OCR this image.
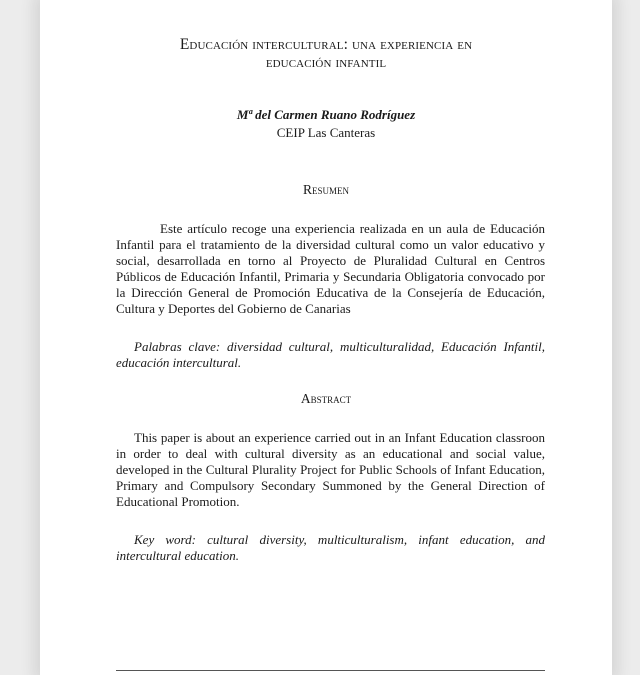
Educación intercultural: una experiencia en
educación infantil
Mª del Carmen Ruano Rodríguez
CEIP Las Canteras
Resumen
Este artículo recoge una experiencia realizada en un aula de Educación Infantil para el tratamiento de la diversidad cultural como un valor educativo y social, desarrollada en torno al Proyecto de Pluralidad Cultural en Centros Públicos de Educación Infantil, Primaria y Secundaria Obligatoria convocado por la Dirección General de Promoción Educativa de la Consejería de Educación, Cultura y Deportes del Gobierno de Canarias
Palabras clave: diversidad cultural, multiculturalidad, Educación Infantil, educación intercultural.
Abstract
This paper is about an experience carried out in an Infant Education classroon in order to deal with cultural diversity as an educational and social value, developed in the Cultural Plurality Project for Public Schools of Infant Education, Primary and Compulsory Secondary Summoned by the General Direction of Educational Promotion.
Key word: cultural diversity, multiculturalism, infant education, and intercultural education.
